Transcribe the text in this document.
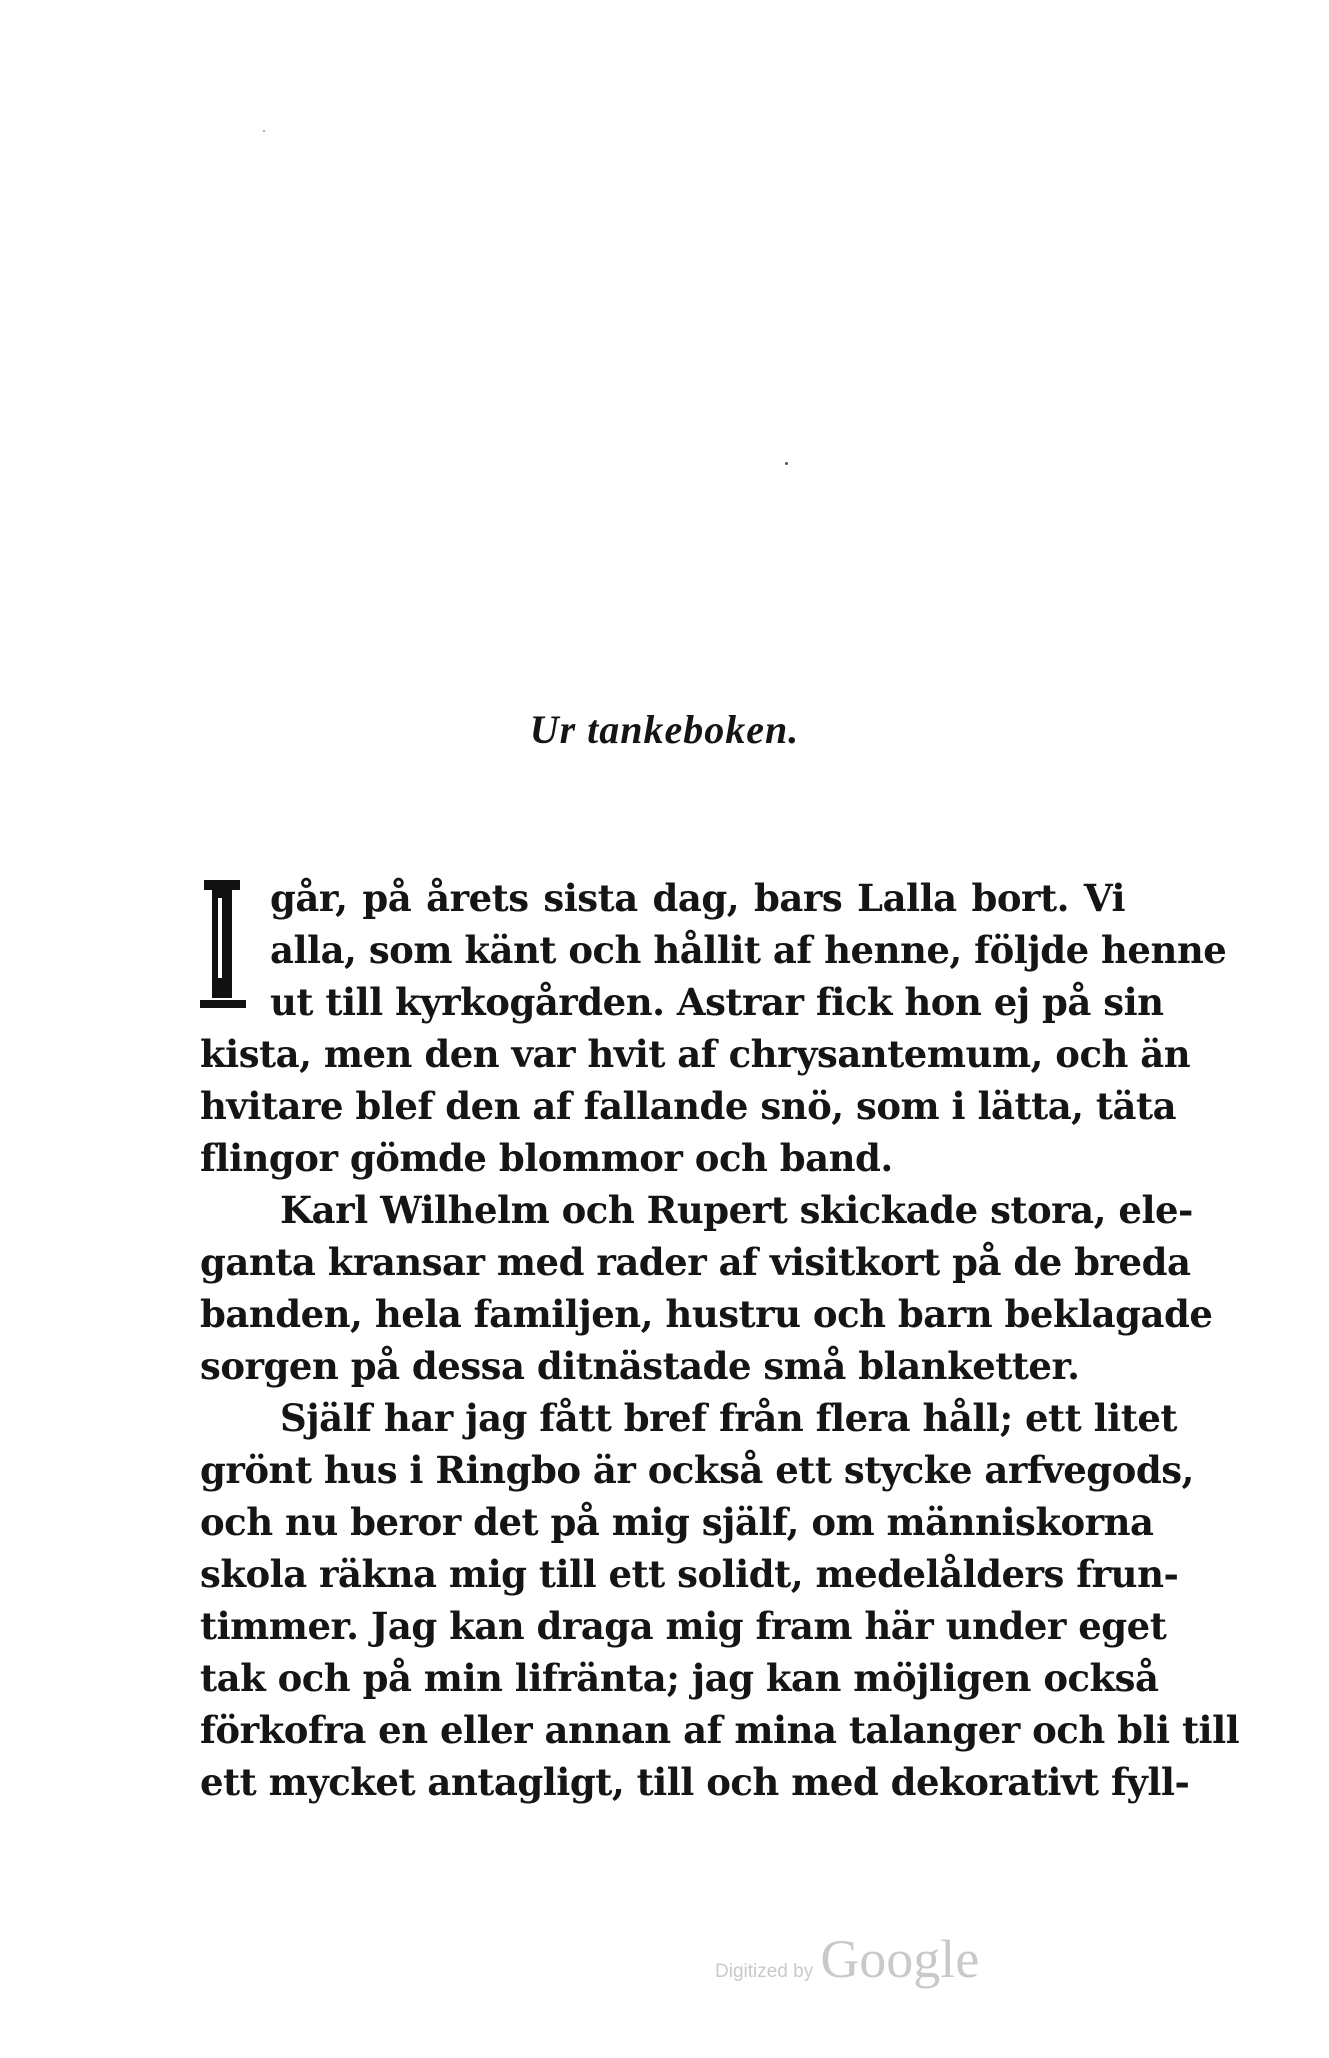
Ur tankeboken.
går, på årets sista dag, bars Lalla bort. Vi
alla, som känt och hållit af henne, följde henne
ut till kyrkogården. Astrar fick hon ej på sin
kista, men den var hvit af chrysantemum, och än
hvitare blef den af fallande snö, som i lätta, täta
flingor gömde blommor och band.
Karl Wilhelm och Rupert skickade stora, ele-
ganta kransar med rader af visitkort på de breda
banden, hela familjen, hustru och barn beklagade
sorgen på dessa ditnästade små blanketter.
Själf har jag fått bref från flera håll; ett litet
grönt hus i Ringbo är också ett stycke arfvegods,
och nu beror det på mig själf, om människorna
skola räkna mig till ett solidt, medelålders frun-
timmer. Jag kan draga mig fram här under eget
tak och på min lifränta; jag kan möjligen också
förkofra en eller annan af mina talanger och bli till
ett mycket antagligt, till och med dekorativt fyll-
Digitized by Google
